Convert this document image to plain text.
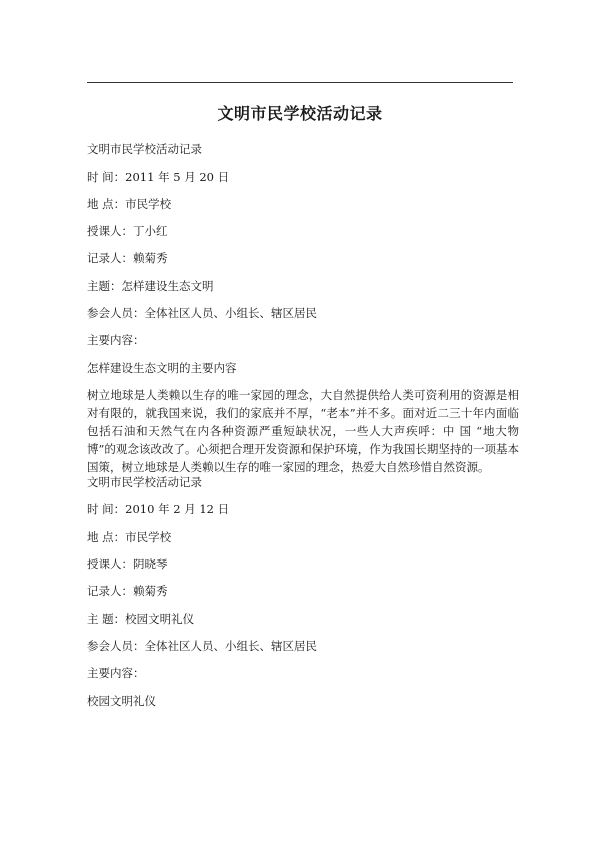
文明市民学校活动记录
文明市民学校活动记录
时 间：2011 年 5 月 20 日
地 点：市民学校
授课人：丁小红
记录人：赖菊秀
主题：怎样建设生态文明
参会人员：全体社区人员、小组长、辖区居民
主要内容：
怎样建设生态文明的主要内容
树立地球是人类赖以生存的唯一家园的理念，大自然提供给人类可资利用的资源是相对有限的，就我国来说，我们的家底并不厚，“老本”并不多。面对近二三十年内面临包括石油和天然气在内各种资源严重短缺状况，一些人大声疾呼：中 国 “地大物博”的观念该改改了。心须把合理开发资源和保护环境，作为我国长期坚持的一项基本国策，树立地球是人类赖以生存的唯一家园的理念，热爱大自然珍惜自然资源。
文明市民学校活动记录
时 间：2010 年 2 月 12 日
地 点：市民学校
授课人：阴晓琴
记录人：赖菊秀
主 题：校园文明礼仪
参会人员：全体社区人员、小组长、辖区居民
主要内容：
校园文明礼仪
